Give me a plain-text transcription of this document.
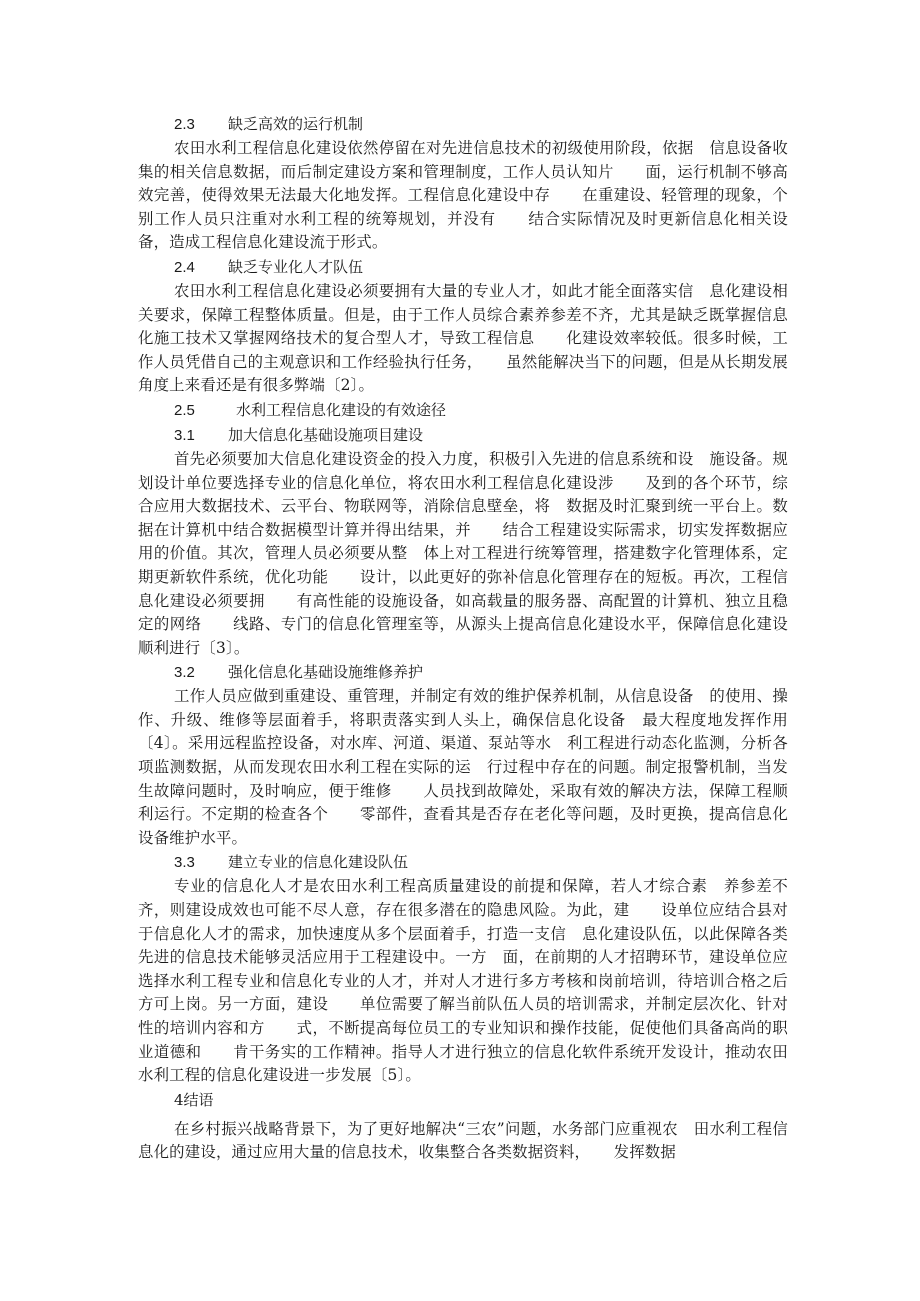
2.3 缺乏高效的运行机制

农田水利工程信息化建设依然停留在对先进信息技术的初级使用阶段，依据　信息设备收集的相关信息数据，而后制定建设方案和管理制度，工作人员认知片　　面，运行机制不够高效完善，使得效果无法最大化地发挥。工程信息化建设中存　　在重建设、轻管理的现象，个别工作人员只注重对水利工程的统筹规划，并没有　　结合实际情况及时更新信息化相关设备，造成工程信息化建设流于形式。

2.4 缺乏专业化人才队伍

农田水利工程信息化建设必须要拥有大量的专业人才，如此才能全面落实信　息化建设相关要求，保障工程整体质量。但是，由于工作人员综合素养参差不齐，尤其是缺乏既掌握信息化施工技术又掌握网络技术的复合型人才，导致工程信息　　化建设效率较低。很多时候，工作人员凭借自己的主观意识和工作经验执行任务，　　虽然能解决当下的问题，但是从长期发展角度上来看还是有很多弊端〔2〕。

2.5	水利工程信息化建设的有效途径
3.1 加大信息化基础设施项目建设

首先必须要加大信息化建设资金的投入力度，积极引入先进的信息系统和设　施设备。规划设计单位要选择专业的信息化单位，将农田水利工程信息化建设涉　　及到的各个环节，综合应用大数据技术、云平台、物联网等，消除信息壁垒，将　数据及时汇聚到统一平台上。数据在计算机中结合数据模型计算并得出结果，并　　结合工程建设实际需求，切实发挥数据应用的价值。其次，管理人员必须要从整　体上对工程进行统筹管理，搭建数字化管理体系，定期更新软件系统，优化功能　　设计，以此更好的弥补信息化管理存在的短板。再次，工程信息化建设必须要拥　　有高性能的设施设备，如高载量的服务器、高配置的计算机、独立且稳定的网络　　线路、专门的信息化管理室等，从源头上提高信息化建设水平，保障信息化建设　顺利进行〔3〕。

3.2 强化信息化基础设施维修养护

工作人员应做到重建设、重管理，并制定有效的维护保养机制，从信息设备　的使用、操作、升级、维修等层面着手，将职责落实到人头上，确保信息化设备　最大程度地发挥作用〔4〕。采用远程监控设备，对水库、河道、渠道、泵站等水　利工程进行动态化监测，分析各项监测数据，从而发现农田水利工程在实际的运　行过程中存在的问题。制定报警机制，当发生故障问题时，及时响应，便于维修　　人员找到故障处，采取有效的解决方法，保障工程顺利运行。不定期的检查各个　　零部件，查看其是否存在老化等问题，及时更换，提高信息化设备维护水平。

3.3 建立专业的信息化建设队伍

专业的信息化人才是农田水利工程高质量建设的前提和保障，若人才综合素　养参差不齐，则建设成效也可能不尽人意，存在很多潜在的隐患风险。为此，建　　设单位应结合县对于信息化人才的需求，加快速度从多个层面着手，打造一支信　息化建设队伍，以此保障各类先进的信息技术能够灵活应用于工程建设中。一方　面，在前期的人才招聘环节，建设单位应选择水利工程专业和信息化专业的人才，并对人才进行多方考核和岗前培训，待培训合格之后方可上岗。另一方面，建设　　单位需要了解当前队伍人员的培训需求，并制定层次化、针对性的培训内容和方　　式，不断提高每位员工的专业知识和操作技能，促使他们具备高尚的职业道德和　　肯干务实的工作精神。指导人才进行独立的信息化软件系统开发设计，推动农田　水利工程的信息化建设进一步发展〔5〕。

4结语

在乡村振兴战略背景下，为了更好地解决“三农”问题，水务部门应重视农　田水利工程信息化的建设，通过应用大量的信息技术，收集整合各类数据资料，　　发挥数据
